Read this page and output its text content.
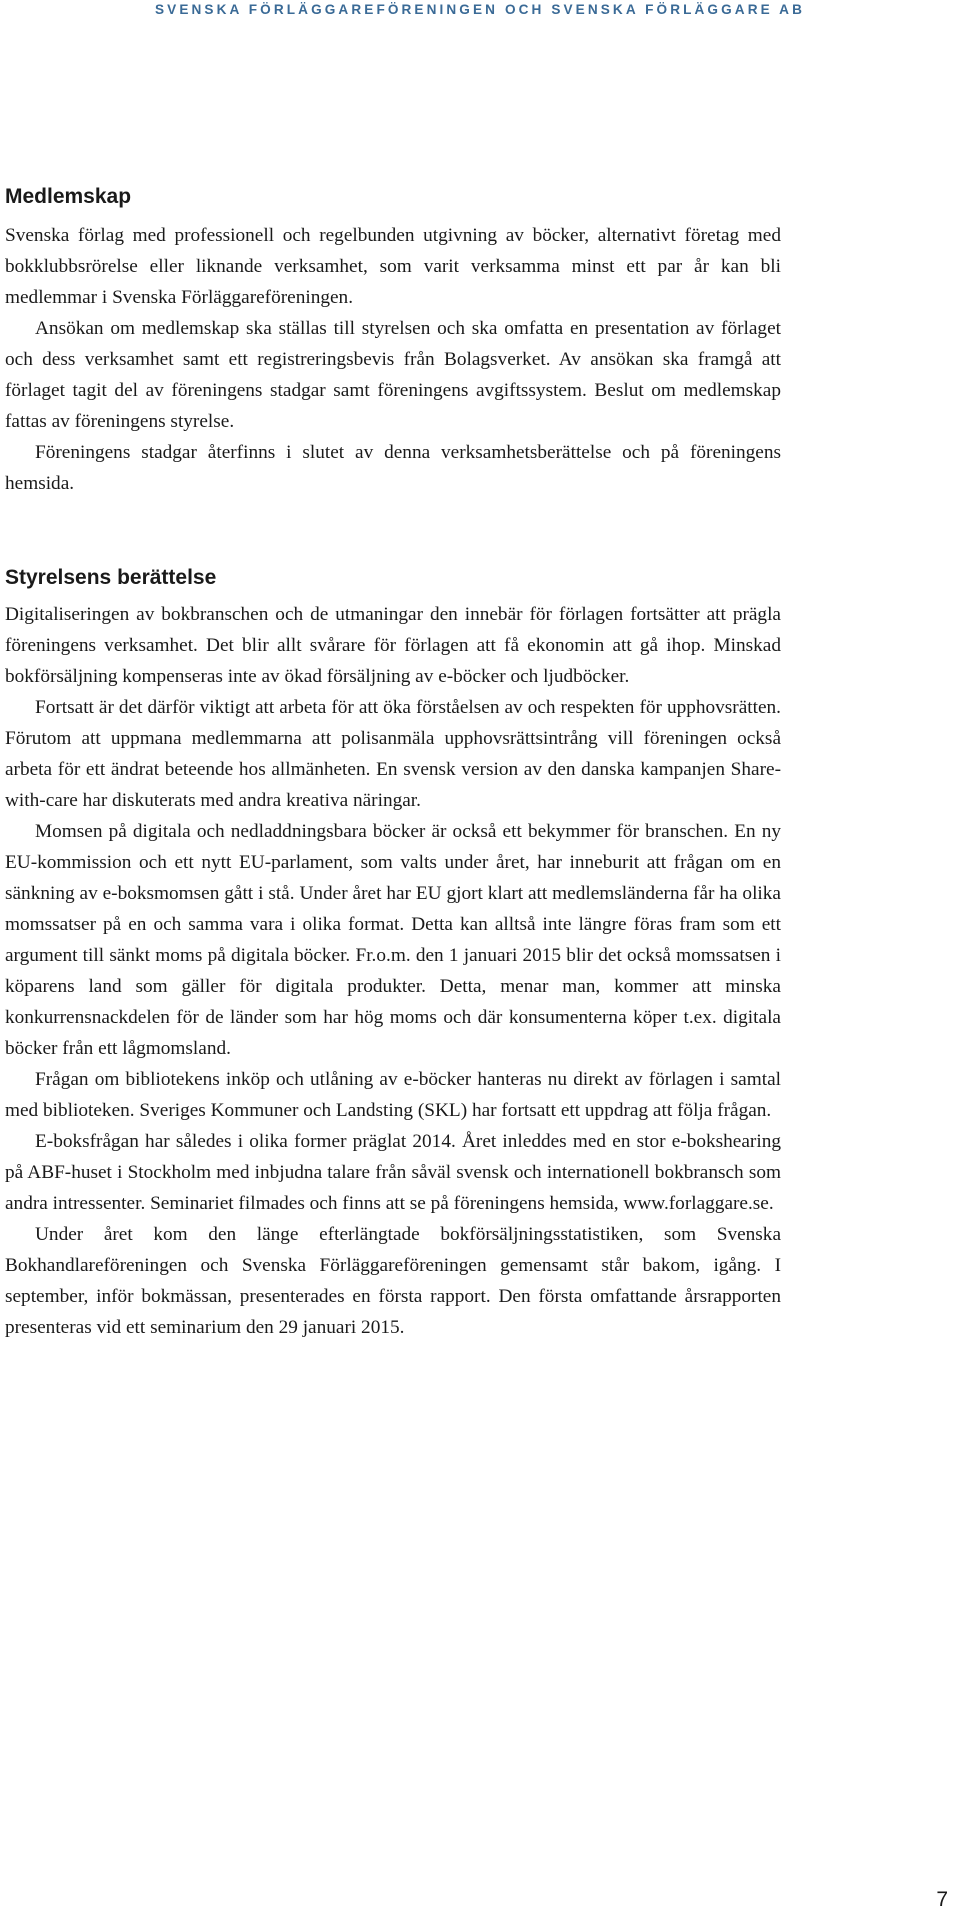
SVENSKA FÖRLÄGGAREFÖRENINGEN OCH SVENSKA FÖRLÄGGARE AB
Medlemskap

Svenska förlag med professionell och regelbunden utgivning av böcker, alternativt företag med bokklubbsrörelse eller liknande verksamhet, som varit verksamma minst ett par år kan bli medlemmar i Svenska Förläggareföreningen.

Ansökan om medlemskap ska ställas till styrelsen och ska omfatta en presentation av förlaget och dess verksamhet samt ett registreringsbevis från Bolagsverket. Av ansökan ska framgå att förlaget tagit del av föreningens stadgar samt föreningens avgiftssystem. Beslut om medlemskap fattas av föreningens styrelse.

Föreningens stadgar återfinns i slutet av denna verksamhetsberättelse och på föreningens hemsida.

Styrelsens berättelse

Digitaliseringen av bokbranschen och de utmaningar den innebär för förlagen fortsätter att prägla föreningens verksamhet. Det blir allt svårare för förlagen att få ekonomin att gå ihop. Minskad bokförsäljning kompenseras inte av ökad försäljning av e-böcker och ljudböcker.

Fortsatt är det därför viktigt att arbeta för att öka förståelsen av och respekten för upphovsrätten. Förutom att uppmana medlemmarna att polisanmäla upphovsrättsintrång vill föreningen också arbeta för ett ändrat beteende hos allmänheten. En svensk version av den danska kampanjen Share-with-care har diskuterats med andra kreativa näringar.

Momsen på digitala och nedladdningsbara böcker är också ett bekymmer för branschen. En ny EU-kommission och ett nytt EU-parlament, som valts under året, har inneburit att frågan om en sänkning av e-boksmomsen gått i stå. Under året har EU gjort klart att medlemsländerna får ha olika momssatser på en och samma vara i olika format. Detta kan alltså inte längre föras fram som ett argument till sänkt moms på digitala böcker. Fr.o.m. den 1 januari 2015 blir det också momssatsen i köparens land som gäller för digitala produkter. Detta, menar man, kommer att minska konkurrensnackdelen för de länder som har hög moms och där konsumenterna köper t.ex. digitala böcker från ett lågmomsland.

Frågan om bibliotekens inköp och utlåning av e-böcker hanteras nu direkt av förlagen i samtal med biblioteken. Sveriges Kommuner och Landsting (SKL) har fortsatt ett uppdrag att följa frågan.

E-boksfrågan har således i olika former präglat 2014. Året inleddes med en stor e-bokshearing på ABF-huset i Stockholm med inbjudna talare från såväl svensk och internationell bokbransch som andra intressenter. Seminariet filmades och finns att se på föreningens hemsida, www.forlaggare.se.

Under året kom den länge efterlängtade bokförsäljningsstatistiken, som Svenska Bokhandlareföreningen och Svenska Förläggareföreningen gemensamt står bakom, igång. I september, inför bokmässan, presenterades en första rapport. Den första omfattande årsrapporten presenteras vid ett seminarium den 29 januari 2015.

7
